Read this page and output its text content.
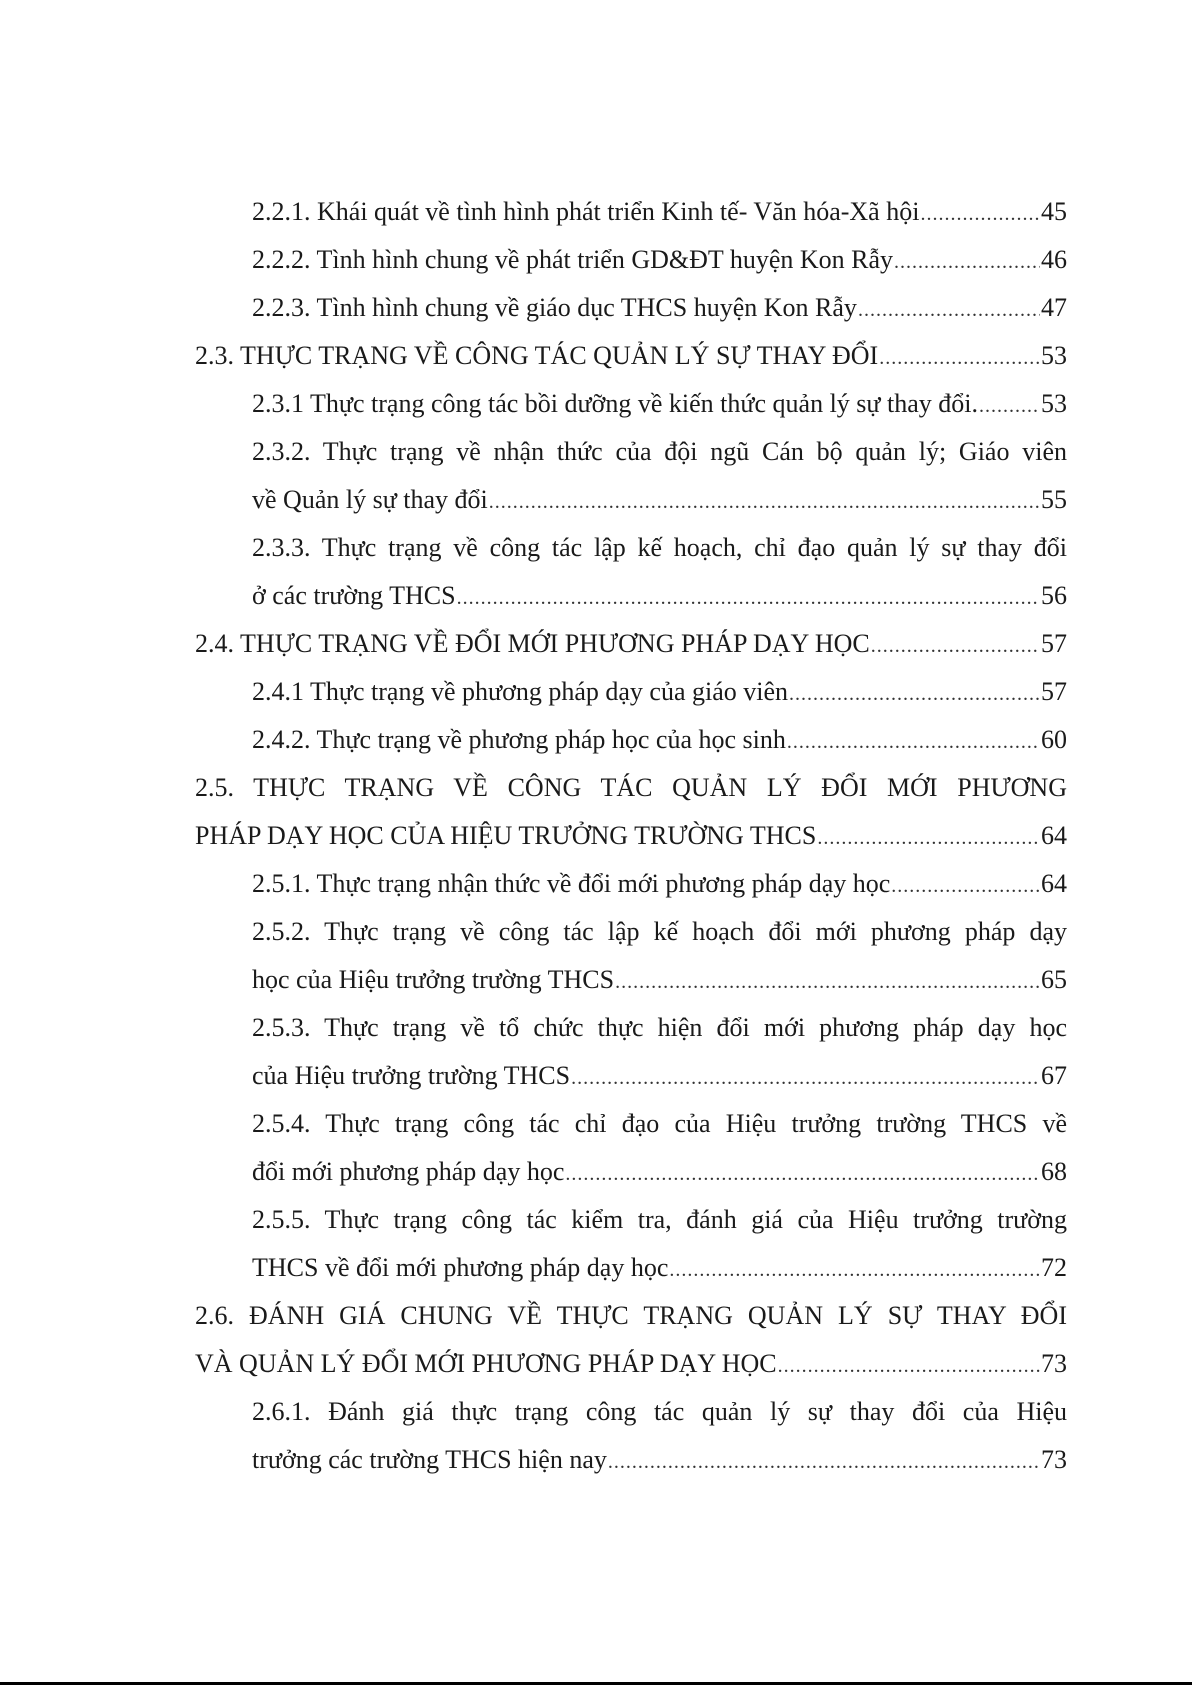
2.2.1. Khái quát về tình hình phát triển Kinh tế- Văn hóa-Xã hội .....	45
2.2.2. Tình hình chung về phát triển GD&ĐT huyện Kon Rẫy .....	46
2.2.3. Tình hình chung về giáo dục THCS huyện Kon Rẫy .....	47
2.3. THỰC TRẠNG VỀ CÔNG TÁC QUẢN LÝ SỰ THAY ĐỔI .....	53
2.3.1 Thực trạng công tác bồi dưỡng về kiến thức quản lý sự thay đổi. ..... 53
2.3.2. Thực trạng về nhận thức của đội ngũ Cán bộ quản lý; Giáo viên
về Quản lý sự thay đổi .....	55
2.3.3. Thực trạng về công tác lập kế hoạch, chỉ đạo quản lý sự thay đổi
ở các trường THCS .....	56
2.4. THỰC TRẠNG VỀ ĐỔI MỚI PHƯƠNG PHÁP DẠY HỌC .....	57
2.4.1 Thực trạng về phương pháp dạy của giáo viên .....	57
2.4.2. Thực trạng về phương pháp học của học sinh .....	60
2.5. THỰC TRẠNG VỀ CÔNG TÁC QUẢN LÝ ĐỔI MỚI PHƯƠNG
PHÁP DẠY HỌC CỦA HIỆU TRƯỞNG TRƯỜNG THCS .....	64
2.5.1. Thực trạng nhận thức về đổi mới phương pháp dạy học .....	64
2.5.2. Thực trạng về công tác lập kế hoạch đổi mới phương pháp dạy
học của Hiệu trưởng trường THCS .....	65
2.5.3. Thực trạng về tổ chức thực hiện đổi mới phương pháp dạy học
của Hiệu trưởng trường THCS .....	67
2.5.4. Thực trạng công tác chỉ đạo của Hiệu trưởng trường THCS về
đổi mới phương pháp dạy học .....	68
2.5.5. Thực trạng công tác kiểm tra, đánh giá của Hiệu trưởng trường
THCS về đổi mới phương pháp dạy học .....	72
2.6. ĐÁNH GIÁ CHUNG VỀ THỰC TRẠNG QUẢN LÝ SỰ THAY ĐỔI
VÀ QUẢN LÝ ĐỔI MỚI PHƯƠNG PHÁP DẠY HỌC .....	73
2.6.1. Đánh giá thực trạng công tác quản lý sự thay đổi của Hiệu
trưởng các trường THCS hiện nay .....	73
